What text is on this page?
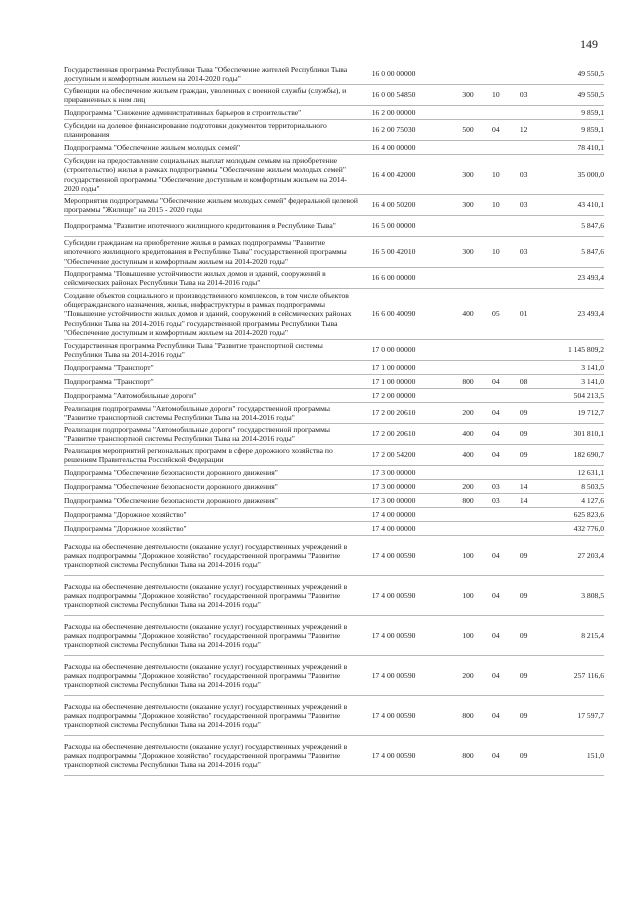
149
Государственная программа Республики Тыва "Обеспечение жителей Республики Тыва доступным и комфортным жильем на 2014-2020 годы"
16 0 00 00000	49 550,5
Субвенции на обеспечение жильем граждан, уволенных с военной службы (службы), и приравненных к ним лиц
16 0 00 54850	300	10	03	49 550,5
Подпрограмма "Снижение административных барьеров в строительстве"	16 2 00 00000	9 859,1
Субсидии на долевое финансирование подготовки документов территориального планирования
16 2 00 75030	500	04	12	9 859,1
Подпрограмма "Обеспечение жильем молодых семей"	16 4 00 00000	78 410,1
Субсидии на предоставление социальных выплат молодым семьям на приобретение (строительство) жилья в рамках подпрограммы "Обеспечение жильем молодых семей" государственной программы "Обеспечение доступным и комфортным жильем на 2014-2020 годы"
16 4 00 42000	300	10	03	35 000,0
Мероприятия подпрограммы "Обеспечение жильем молодых семей" федеральной целевой программы "Жилище" на 2015 - 2020 годы
16 4 00 50200	300	10	03	43 410,1
Подпрограмма "Развитие ипотечного жилищного кредитования в Республике Тыва"	16 5 00 00000	5 847,6
Субсидии гражданам на приобретение жилья в рамках подпрограммы "Развитие ипотечного жилищного кредитования в Республике Тыва" государственной программы "Обеспечение доступным и комфортным жильем на 2014-2020 годы"
16 5 00 42010	300	10	03	5 847,6
Подпрограмма "Повышение устойчивости жилых домов и зданий, сооружений в сейсмических районах Республики Тыва на 2014-2016 годы"
16 6 00 00000	23 493,4
Создание объектов социального и производственного комплексов, в том числе объектов общегражданского назначения, жилья, инфраструктуры в рамках подпрограммы "Повышение устойчивости жилых домов и зданий, сооружений в сейсмических районах Республики Тыва на 2014-2016 годы" государственной программы Республики Тыва "Обеспечение доступным и комфортным жильем на 2014-2020 годы"
16 6 00 40090	400	05	01	23 493,4
Государственная программа Республики Тыва "Развитие транспортной системы Республики Тыва на 2014-2016 годы"
17 0 00 00000	1 145 809,2
Подпрограмма "Транспорт"	17 1 00 00000	3 141,0
Подпрограмма "Транспорт"	17 1 00 00000	800	04	08	3 141,0
Подпрограмма "Автомобильные дороги"	17 2 00 00000	504 213,5
Реализация подпрограммы "Автомобильные дороги" государственной программы "Развитие транспортной системы Республики Тыва на 2014-2016 годы"
17 2 00 20610	200	04	09	19 712,7
Реализация подпрограммы "Автомобильные дороги" государственной программы "Развитие транспортной системы Республики Тыва на 2014-2016 годы"
17 2 00 20610	400	04	09	301 810,1
Реализация мероприятий региональных программ в сфере дорожного хозяйства по решениям Правительства Российской Федерации
17 2 00 54200	400	04	09	182 690,7
Подпрограмма "Обеспечение безопасности дорожного движения"	17 3 00 00000	12 631,1
Подпрограмма "Обеспечение безопасности дорожного движения"	17 3 00 00000	200	03	14	8 503,5
Подпрограмма "Обеспечение безопасности дорожного движения"	17 3 00 00000	800	03	14	4 127,6
Подпрограмма "Дорожное хозяйство"	17 4 00 00000	625 823,6
Подпрограмма "Дорожное хозяйство"	17 4 00 00000	432 776,0
Расходы на обеспечение деятельности (оказание услуг) государственных учреждений в рамках подпрограммы "Дорожное хозяйство" государственной программы "Развитие транспортной системы Республики Тыва на 2014-2016 годы"
17 4 00 00590	100	04	09	27 203,4
Расходы на обеспечение деятельности (оказание услуг) государственных учреждений в рамках подпрограммы "Дорожное хозяйство" государственной программы "Развитие транспортной системы Республики Тыва на 2014-2016 годы"
17 4 00 00590	100	04	09	3 808,5
Расходы на обеспечение деятельности (оказание услуг) государственных учреждений в рамках подпрограммы "Дорожное хозяйство" государственной программы "Развитие транспортной системы Республики Тыва на 2014-2016 годы"
17 4 00 00590	100	04	09	8 215,4
Расходы на обеспечение деятельности (оказание услуг) государственных учреждений в рамках подпрограммы "Дорожное хозяйство" государственной программы "Развитие транспортной системы Республики Тыва на 2014-2016 годы"
17 4 00 00590	200	04	09	257 116,6
Расходы на обеспечение деятельности (оказание услуг) государственных учреждений в рамках подпрограммы "Дорожное хозяйство" государственной программы "Развитие транспортной системы Республики Тыва на 2014-2016 годы"
17 4 00 00590	800	04	09	17 597,7
Расходы на обеспечение деятельности (оказание услуг) государственных учреждений в рамках подпрограммы "Дорожное хозяйство" государственной программы "Развитие транспортной системы Республики Тыва на 2014-2016 годы"
17 4 00 00590	800	04	09	151,0
